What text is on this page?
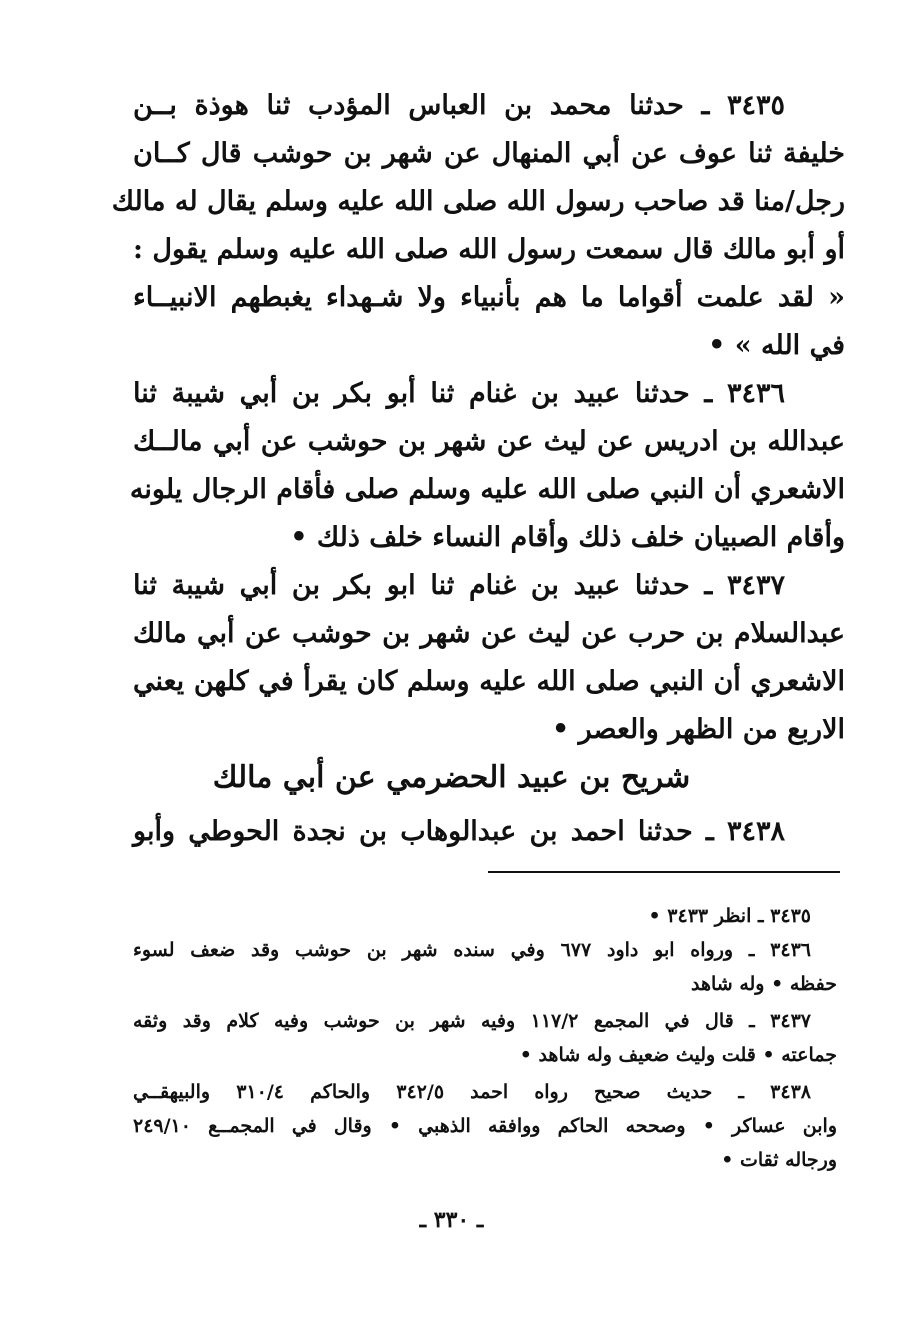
٣٤٣٥ ـ حدثنا محمد بن العباس المؤدب ثنا هوذة بــن
خليفة ثنا عوف عن أبي المنهال عن شهر بن حوشب قال كــان
رجل/منا قد صاحب رسول الله صلى الله عليه وسلم يقال له مالك
أو أبو مالك قال سمعت رسول الله صلى الله عليه وسلم يقول :
« لقد علمت أقواما ما هم بأنبياء ولا شـهداء يغبطهم الانبيــاء
في الله » •
٣٤٣٦ ـ حدثنا عبيد بن غنام ثنا أبو بكر بن أبي شيبة ثنا
عبدالله بن ادريس عن ليث عن شهر بن حوشب عن أبي مالــك
الاشعري أن النبي صلى الله عليه وسلم صلى فأقام الرجال يلونه
وأقام الصبيان خلف ذلك وأقام النساء خلف ذلك •
٣٤٣٧ ـ حدثنا عبيد بن غنام ثنا ابو بكر بن أبي شيبة ثنا
عبدالسلام بن حرب عن ليث عن شهر بن حوشب عن أبي مالك
الاشعري أن النبي صلى الله عليه وسلم كان يقرأ في كلهن يعني
الاربع من الظهر والعصر •
شريح بن عبيد الحضرمي عن أبي مالك
٣٤٣٨ ـ حدثنا احمد بن عبدالوهاب بن نجدة الحوطي وأبو
٣٤٣٥ ـ انظر ٣٤٣٣ •
٣٤٣٦ ـ ورواه ابو داود ٦٧٧ وفي سنده شهر بن حوشب وقد ضعف لسوء
حفظه • وله شاهد
٣٤٣٧ ـ قال في المجمع ١١٧/٢ وفيه شهر بن حوشب وفيه كلام وقد وثقه
جماعته • قلت وليث ضعيف وله شاهد •
٣٤٣٨ ـ حديث صحيح رواه احمد ٣٤٢/٥ والحاكم ٣١٠/٤ والبيهقــي
وابن عساكر • وصححه الحاكم ووافقه الذهبي • وقال في المجمــع ٢٤٩/١٠
ورجاله ثقات •
ـ ٣٣٠ ـ
